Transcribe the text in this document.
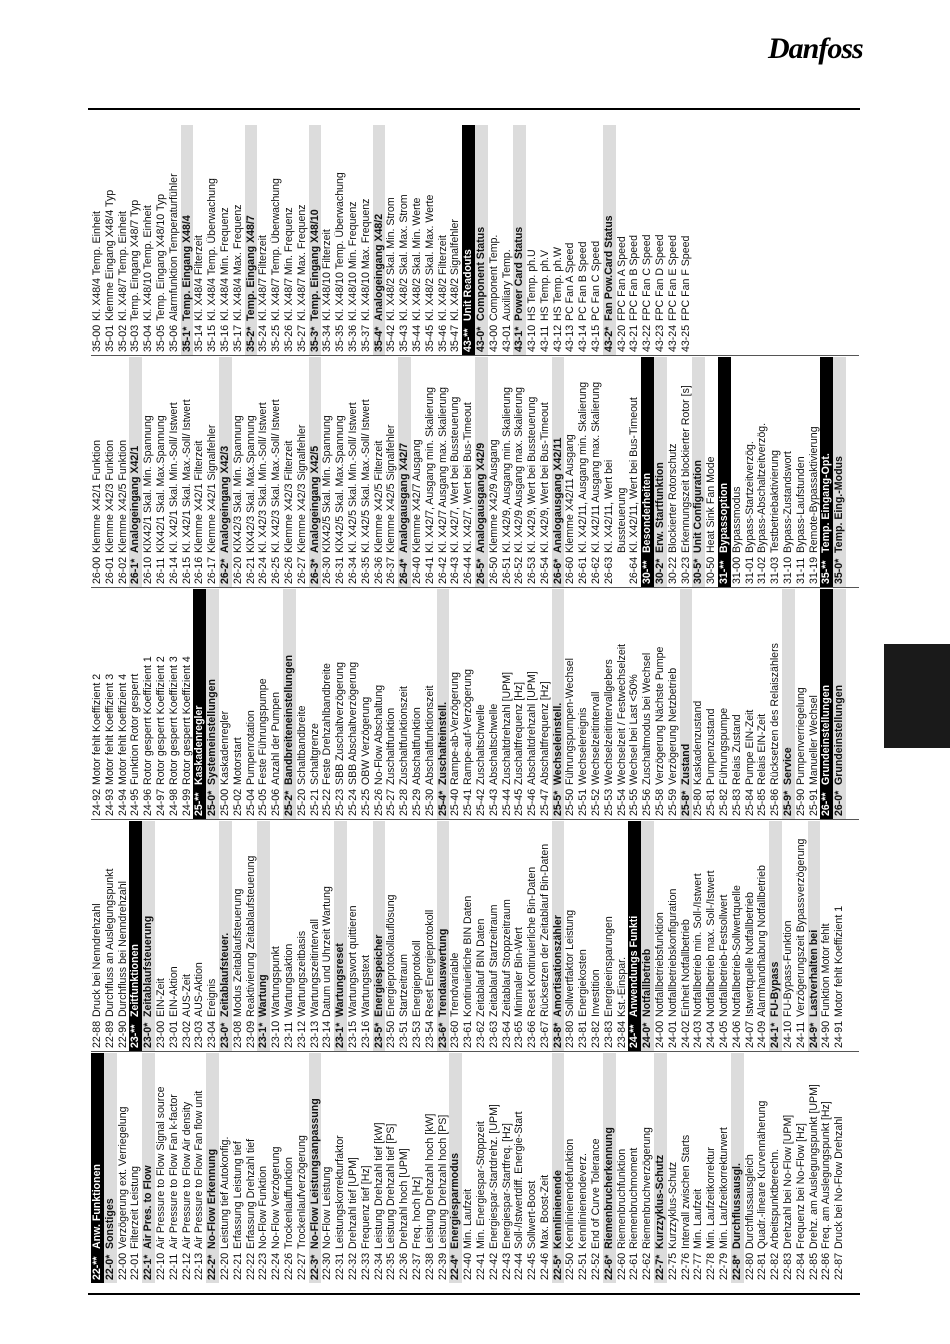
Danfoss
22-**
Anw. Funktionen
22-0*
Sonstiges
22-00
Verzögerung ext. Verriegelung
22-01
Filterzeit Leistung
22-1*
Air Pres. to Flow
22-10
Air Pressure to Flow Signal source
22-11
Air Pressure to Flow Fan k-factor
22-12
Air Pressure to Flow Air density
22-13
Air Pressure to Flow Fan flow unit
22-2*
No-Flow Erkennung
22-20
Leistung tief Autokonfig.
22-21
Erfassung Leistung tief
22-22
Erfassung Drehzahl tief
22-23
No-Flow Funktion
22-24
No-Flow Verzögerung
22-26
Trockenlauffunktion
22-27
Trockenlaufverzögerung
22-3*
No-Flow Leistungsanpassung
22-30
No-Flow Leistung
22-31
Leistungskorrekturfaktor
22-32
Drehzahl tief [UPM]
22-33
Frequenz tief [Hz]
22-34
Leistung Drehzahl tief [kW]
22-35
Leistung Drehzahl tief [PS]
22-36
Drehzahl hoch [UPM]
22-37
Freq. hoch [Hz]
22-38
Leistung Drehzahl hoch [kW]
22-39
Leistung Drehzahl hoch [PS]
22-4*
Energiesparmodus
22-40
Min. Laufzeit
22-41
Min. Energiespar-Stoppzeit
22-42
Energiespar-Startdrehz. [UPM]
22-43
Energiespar-Startfreq. [Hz]
22-44
Soll-/Istwertdiff. Energie-Start
22-45
Sollwert-Boost
22-46
Max. Boost-Zeit
22-5*
Kennlinienende
22-50
Kennlinienendefunktion
22-51
Kennlinienendeverz.
22-52
End of Curve Tolerance
22-6*
Riemenbrucherkennung
22-60
Riemenbruchfunktion
22-61
Riemenbruchmoment
22-62
Riemenbruchverzögerung
22-7*
Kurzzyklus-Schutz
22-75
Kurzzyklus-Schutz
22-76
Intervall zwischen Starts
22-77
Min. Laufzeit
22-78
Min. Laufzeitkorrektur
22-79
Min. Laufzeitkorrekturwert
22-8*
Durchflussausgl.
22-80
Durchflussausgleich
22-81
Quadr.-lineare Kurvennäherung
22-82
Arbeitspunktberechn.
22-83
Drehzahl bei No-Flow [UPM]
22-84
Frequenz bei No-Flow [Hz]
22-85
Drehz. am Auslegungspunkt [UPM]
22-86
Freq. am Auslegungspunkt [Hz]
22-87
Druck bei No-Flow Drehzahl
22-88
Druck bei Nenndrehzahl
22-89
Durchfluss an Auslegungspunkt
22-90
Durchfluss bei Nenndrehzahl
23-**
Zeitfunktionen
23-0*
Zeitablaufsteuerung
23-00
EIN-Zeit
23-01
EIN-Aktion
23-02
AUS-Zeit
23-03
AUS-Aktion
23-04
Ereignis
23-0*
Zeitablaufsteuer.
23-08
Modus Zeitablaufsteuerung
23-09
Reaktivierung Zeitablaufsteuerung
23-1*
Wartung
23-10
Wartungspunkt
23-11
Wartungsaktion
23-12
Wartungszeitbasis
23-13
Wartungszeitintervall
23-14
Datum und Uhrzeit Wartung
23-1*
Wartungsreset
23-15
Wartungswort quittieren
23-16
Wartungstext
23-5*
Energiespeicher
23-50
Energieprotokollauflösung
23-51
Startzeitraum
23-53
Energieprotokoll
23-54
Reset Energieprotokoll
23-6*
Trendauswertung
23-60
Trendvariable
23-61
Kontinuierliche BIN Daten
23-62
Zeitablauf BIN Daten
23-63
Zeitablauf Startzeitraum
23-64
Zeitablauf Stoppzeitraum
23-65
Minimaler Bin-Wert
23-66
Reset Kontinuierliche Bin-Daten
23-67
Rücksetzen der Zeitablauf Bin-Daten
23-8*
Amortisationszähler
23-80
Sollwertfaktor Leistung
23-81
Energiekosten
23-82
Investition
23-83
Energieeinsparungen
23-84
Kst.-Einspar.
24-**
Anwendungs Funkti
24-0*
Notfallbetrieb
24-00
Notfallbetriebsfunktion
24-01
Notfallbetriebskonfiguration
24-02
Einheit Notfallbetrieb
24-03
Notfallbetrieb min. Soll-/Istwert
24-04
Notfallbetrieb max. Soll-/Istwert
24-05
Notfallbetrieb-Festsollwert
24-06
Notfallbetrieb-Sollwertquelle
24-07
Istwertquelle Notfallbetrieb
24-09
Alarmhandhabung Notfallbetrieb
24-1*
FU-Bypass
24-10
FU-Bypass-Funktion
24-11
Verzögerungszeit Bypassverzögerung
24-9*
Lastverhalten bei
24-90
Funktion Motor fehlt
24-91
Motor fehlt Koeffizient 1
24-92
Motor fehlt Koeffizient 2
24-93
Motor fehlt Koeffizient 3
24-94
Motor fehlt Koeffizient 4
24-95
Funktion Rotor gesperrt
24-96
Rotor gesperrt Koeffizient 1
24-97
Rotor gesperrt Koeffizient 2
24-98
Rotor gesperrt Koeffizient 3
24-99
Rotor gesperrt Koeffizient 4
25-**
Kaskadenregler
25-0*
Systemeinstellungen
25-00
Kaskadenregler
25-02
Motorstart
25-04
Pumpenrotation
25-05
Feste Führungspumpe
25-06
Anzahl der Pumpen
25-2*
Bandbreiteneinstellungen
25-20
Schaltbandbreite
25-21
Schaltgrenze
25-22
Feste Drehzahlbandbreite
25-23
SBB Zuschaltverzögerung
25-24
SBB Abschaltverzögerung
25-25
OBW Verzögerung
25-26
No-Flow Abschaltung
25-27
Zuschaltfunktion
25-28
Zuschaltfunktionszeit
25-29
Abschaltfunktion
25-30
Abschaltfunktionszeit
25-4*
Zuschalteinstell.
25-40
Rampe-ab-Verzögerung
25-41
Rampe-auf-Verzögerung
25-42
Zuschaltschwelle
25-43
Abschaltschwelle
25-44
Zuschaltdrehzahl [UPM]
25-45
Zuschaltfrequenz [Hz]
25-46
Abschaltdrehzahl [UPM]
25-47
Abschaltfrequenz [Hz]
25-5*
Wechseleinstell.
25-50
Führungspumpen-Wechsel
25-51
Wechselereignis
25-52
Wechselzeitintervall
25-53
Wechselzeitintervallgebers
25-54
Wechselzeit / Festwechselzeit
25-55
Wechsel bei Last <50%
25-56
Zuschaltmodus bei Wechsel
25-58
Verzögerung Nächste Pumpe
25-59
Verzögerung Netzbetrieb
25-8*
Zustand
25-80
Kaskadenzustand
25-81
Pumpenzustand
25-82
Führungspumpe
25-83
Relais Zustand
25-84
Pumpe EIN-Zeit
25-85
Relais EIN-Zeit
25-86
Rücksetzen des Relaiszählers
25-9*
Service
25-90
Pumpenverriegelung
25-91
Manueller Wechsel
26-**
Grundeinstellungen
26-0*
Grundeinstellungen
26-00
Klemme X42/1 Funktion
26-01
Klemme X42/3 Funktion
26-02
Klemme X42/5 Funktion
26-1*
Analogeingang X42/1
26-10
KlX42/1 Skal. Min. Spannung
26-11
KlX42/1 Skal. Max.Spannung
26-14
Kl. X42/1 Skal. Min.-Soll/ Istwert
26-15
Kl. X42/1 Skal. Max.-Soll/ Istwert
26-16
Klemme X42/1 Filterzeit
26-17
Klemme X42/1 Signalfehler
26-2*
Analogeingang X42/3
26-20
KlX42/3 Skal. Min. Spannung
26-21
KlX42/3 Skal. Max.Spannung
26-24
Kl. X42/3 Skal. Min.-Soll/ Istwert
26-25
Kl. X42/3 Skal. Max.-Soll/ Istwert
26-26
Klemme X42/3 Filterzeit
26-27
Klemme X42/3 Signalfehler
26-3*
Analogeingang X42/5
26-30
KlX42/5 Skal. Min. Spannung
26-31
KlX42/5 Skal. Max.Spannung
26-34
Kl. X42/5 Skal. Min.-Soll/ Istwert
26-35
Kl. X42/5 Skal. Max.-Soll/ Istwert
26-36
Klemme X42/5 Filterzeit
26-37
Klemme X42/5 Signalfehler
26-4*
Analogausgang X42/7
26-40
Klemme X42/7 Ausgang
26-41
Kl. X42/7, Ausgang min. Skalierung
26-42
Kl. X42/7 Ausgang max. Skalierung
26-43
Kl. X42/7, Wert bei Bussteuerung
26-44
Kl. X42/7, Wert bei Bus-Timeout
26-5*
Analogausgang X42/9
26-50
Klemme X42/9 Ausgang
26-51
Kl. X42/9, Ausgang min. Skalierung
26-52
Kl. X42/9 Ausgang max. Skalierung
26-53
Kl. X42/9, Wert bei Bussteuerung
26-54
Kl. X42/9, Wert bei Bus-Timeout
26-6*
Analogausgang X42/11
26-60
Klemme X42/11 Ausgang
26-61
Kl. X42/11, Ausgang min. Skalierung
26-62
Kl. X42/11 Ausgang max. Skalierung
26-63
Kl. X42/11, Wert bei Bussteuerung
26-64
Kl. X42/11, Wert bei Bus-Timeout
30-**
Besonderheiten
30-2*
Erw. Startfunktion
30-22
Blockierter Rotorschutz
30-23
Erkennungszeit blockierter Rotor [s]
30-5*
Unit Configuration
30-50
Heat Sink Fan Mode
31-**
Bypassoption
31-00
Bypassmodus
31-01
Bypass-Startzeitverzög.
31-02
Bypass-Abschaltzeitverzög.
31-03
Testbetriebaktivierung
31-10
Bypass-Zustandswort
31-11
Bypass-Laufstunden
31-19
Remote-Bypassaktivierung
35-**
Temp. Eingang-Opt.
35-0*
Temp. Eing.-Modus
35-00
Kl. X48/4 Temp. Einheit
35-01
Klemme Eingang X48/4 Typ
35-02
Kl. X48/7 Temp. Einheit
35-03
Temp. Eingang X48/7 Typ
35-04
Kl. X48/10 Temp. Einheit
35-05
Temp. Eingang X48/10 Typ
35-06
Alarmfunktion Temperaturfühler
35-1*
Temp. Eingang X48/4
35-14
Kl. X48/4 Filterzeit
35-15
Kl. X48/4 Temp. Überwachung
35-16
Kl. X48/4 Min. Frequenz
35-17
Kl. X48/4 Max. Frequenz
35-2*
Temp. Eingang X48/7
35-24
Kl. X48/7 Filterzeit
35-25
Kl. X48/7 Temp. Überwachung
35-26
Kl. X48/7 Min. Frequenz
35-27
Kl. X48/7 Max. Frequenz
35-3*
Temp. Eingang X48/10
35-34
Kl. X48/10 Filterzeit
35-35
Kl. X48/10 Temp. Überwachung
35-36
Kl. X48/10 Min. Frequenz
35-37
Kl. X48/10 Max. Frequenz
35-4*
Analogeingang X48/2
35-42
Kl. X48/2 Skal. Min. Strom
35-43
Kl. X48/2 Skal. Max. Strom
35-44
Kl. X48/2 Skal. Min. Werte
35-45
Kl. X48/2 Skal. Max. Werte
35-46
Kl. X48/2 Filterzeit
35-47
Kl. X48/2 Signalfehler
43-**
Unit Readouts
43-0*
Component Status
43-00
Component Temp.
43-01
Auxiliary Temp.
43-1*
Power Card Status
43-10
HS Temp. ph.U
43-11
HS Temp. ph.V
43-12
HS Temp. ph.W
43-13
PC Fan A Speed
43-14
PC Fan B Speed
43-15
PC Fan C Speed
43-2*
Fan Pow.Card Status
43-20
FPC Fan A Speed
43-21
FPC Fan B Speed
43-22
FPC Fan C Speed
43-23
FPC Fan D Speed
43-24
FPC Fan E Speed
43-25
FPC Fan F Speed
